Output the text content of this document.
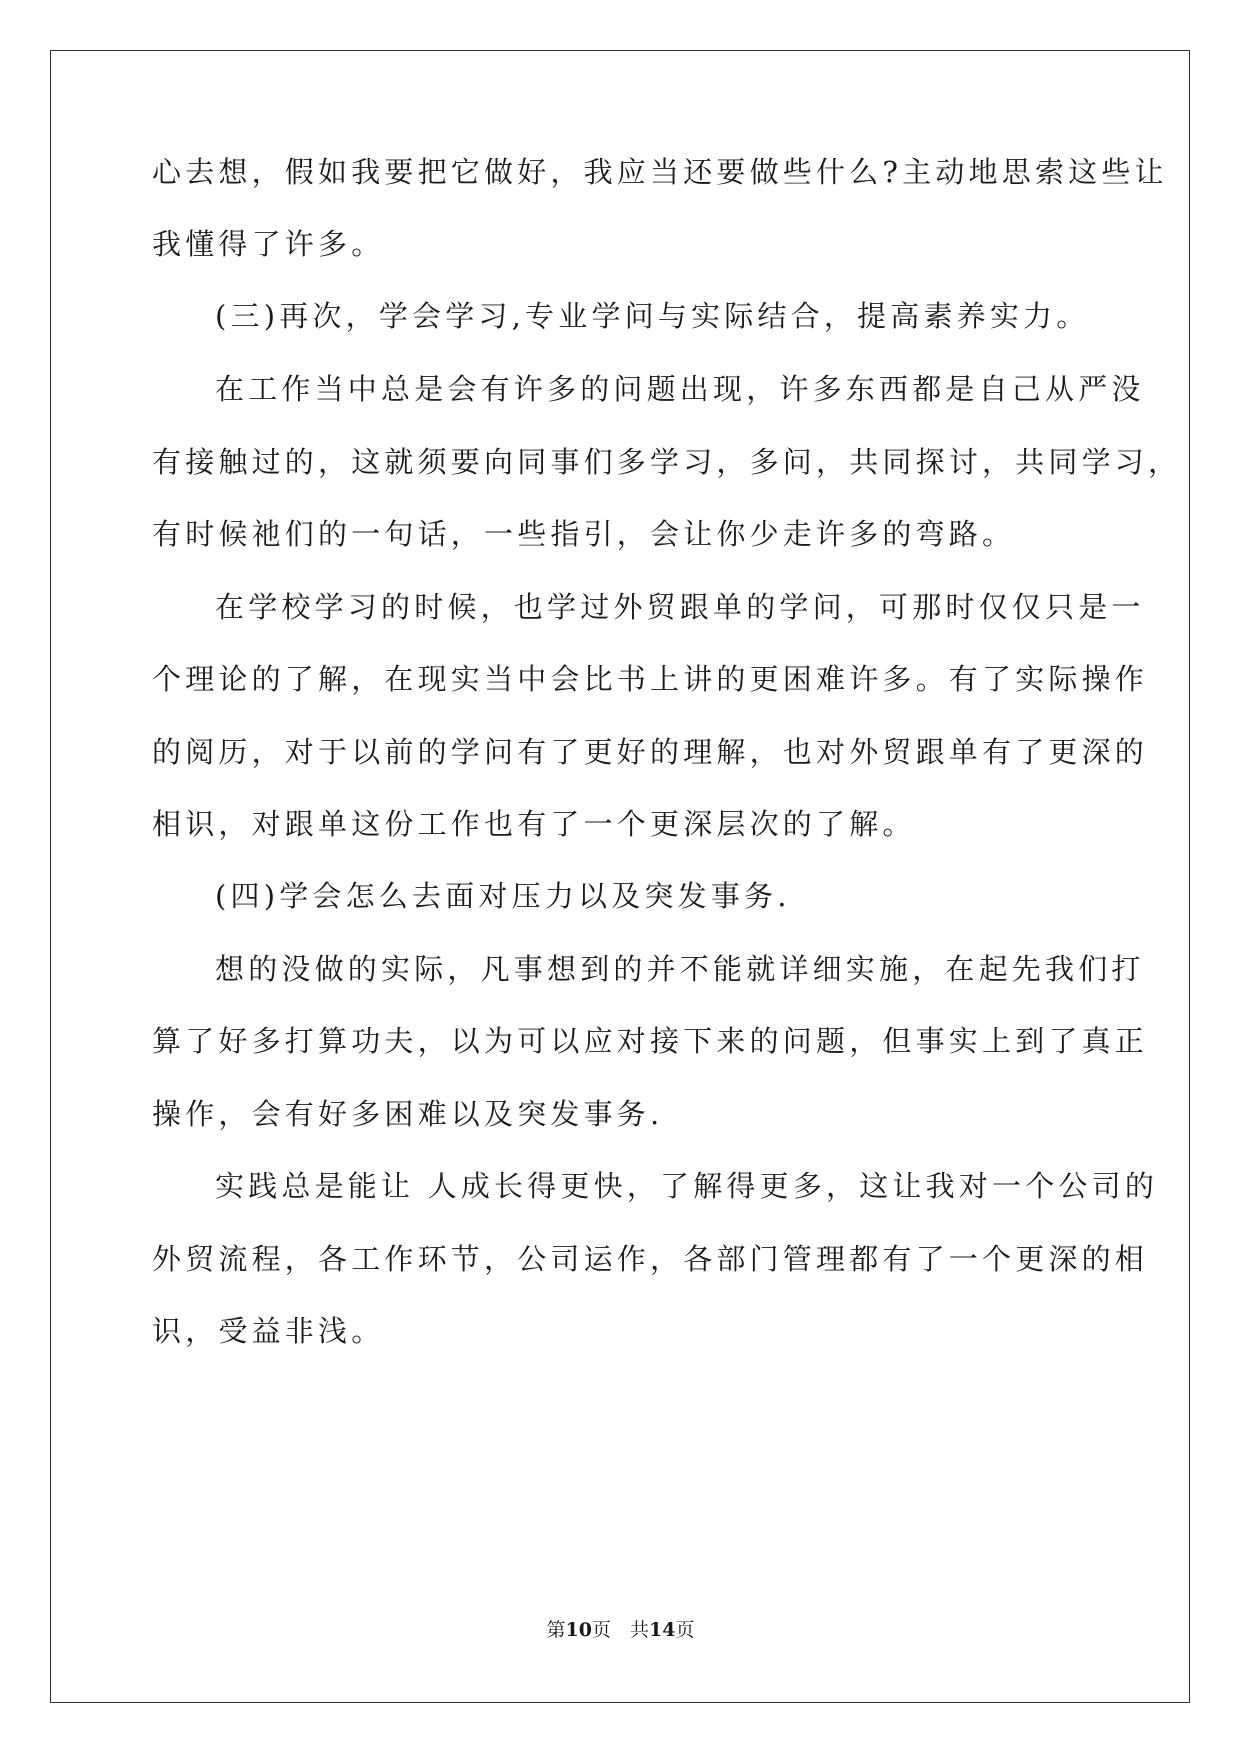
心去想，假如我要把它做好，我应当还要做些什么?主动地思索这些让
我懂得了许多。
(三)再次，学会学习,专业学问与实际结合，提高素养实力。
在工作当中总是会有许多的问题出现，许多东西都是自己从严没
有接触过的，这就须要向同事们多学习，多问，共同探讨，共同学习，
有时候祂们的一句话，一些指引，会让你少走许多的弯路。
在学校学习的时候，也学过外贸跟单的学问，可那时仅仅只是一
个理论的了解，在现实当中会比书上讲的更困难许多。有了实际操作
的阅历，对于以前的学问有了更好的理解，也对外贸跟单有了更深的
相识，对跟单这份工作也有了一个更深层次的了解。
(四)学会怎么去面对压力以及突发事务.
想的没做的实际，凡事想到的并不能就详细实施，在起先我们打
算了好多打算功夫，以为可以应对接下来的问题，但事实上到了真正
操作，会有好多困难以及突发事务.
实践总是能让 人成长得更快，了解得更多，这让我对一个公司的
外贸流程，各工作环节，公司运作，各部门管理都有了一个更深的相
识，受益非浅。
第10页　共14页
